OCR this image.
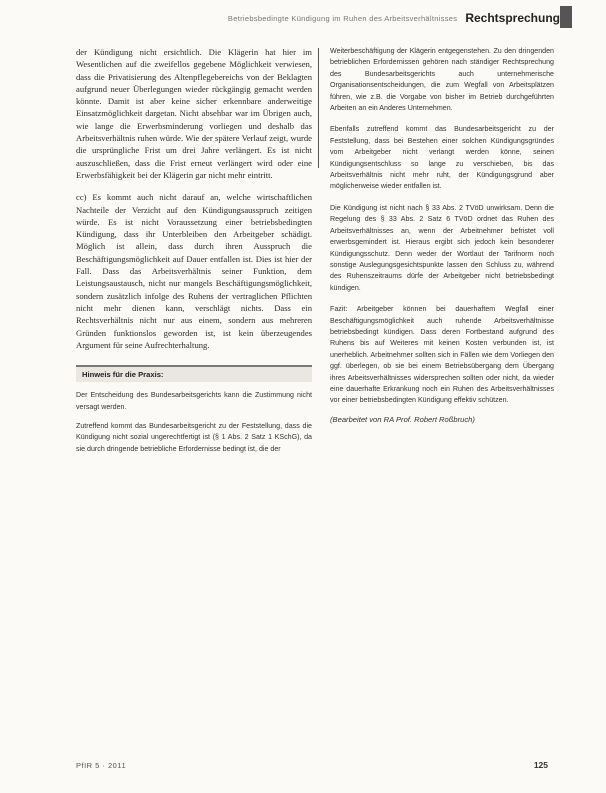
Betriebsbedingte Kündigung im Ruhen des Arbeitsverhältnisses Rechtsprechung

der Kündigung nicht ersichtlich. Die Klägerin hat hier im Wesentlichen auf die zweifellos gegebene Möglichkeit verwiesen, dass die Privatisierung des Altenpflegebereichs von der Beklagten aufgrund neuer Überlegungen wieder rückgängig gemacht werden könnte. Damit ist aber keine sicher erkennbare anderweitige Einsatzmöglichkeit dargetan. Nicht absehbar war im Übrigen auch, wie lange die Erwerbsminderung vorliegen und deshalb das Arbeitsverhältnis ruhen würde. Wie der spätere Verlauf zeigt, wurde die ursprüngliche Frist um drei Jahre verlängert. Es ist nicht auszuschließen, dass die Frist erneut verlängert wird oder eine Erwerbsfähigkeit bei der Klägerin gar nicht mehr eintritt.

cc) Es kommt auch nicht darauf an, welche wirtschaftlichen Nachteile der Verzicht auf den Kündigungsausspruch zeitigen würde. Es ist nicht Voraussetzung einer betriebsbedingten Kündigung, dass ihr Unterbleiben den Arbeitgeber schädigt. Möglich ist allein, dass durch ihren Ausspruch die Beschäftigungsmöglichkeit auf Dauer entfallen ist. Dies ist hier der Fall. Dass das Arbeitsverhältnis seiner Funktion, dem Leistungsaustausch, nicht nur mangels Beschäftigungsmöglichkeit, sondern zusätzlich infolge des Ruhens der vertraglichen Pflichten nicht mehr dienen kann, verschlägt nichts. Dass ein Rechtsverhältnis nicht nur aus einem, sondern aus mehreren Gründen funktionslos geworden ist, ist kein überzeugendes Argument für seine Aufrechterhaltung.

Hinweis für die Praxis:

Der Entscheidung des Bundesarbeitsgerichts kann die Zustimmung nicht versagt werden.

Zutreffend kommt das Bundesarbeitsgericht zu der Feststellung, dass die Kündigung nicht sozial ungerechtfertigt ist (§ 1 Abs. 2 Satz 1 KSchG), da sie durch dringende betriebliche Erfordernisse bedingt ist, die der

Weiterbeschäftigung der Klägerin entgegenstehen. Zu den dringenden betrieblichen Erfordernissen gehören nach ständiger Rechtsprechung des Bundesarbeitsgerichts auch unternehmerische Organisationsentscheidungen, die zum Wegfall von Arbeitsplätzen führen, wie z.B. die Vorgabe von bisher im Betrieb durchgeführten Arbeiten an ein Anderes Unternehmen.

Ebenfalls zutreffend kommt das Bundesarbeitsgericht zu der Feststellung, dass bei Bestehen einer solchen Kündigungsgründes vom Arbeitgeber nicht verlangt werden könne, seinen Kündigungsentschluss so lange zu verschieben, bis das Arbeitsverhältnis nicht mehr ruht, der Kündigungsgrund aber möglicherweise wieder entfallen ist.

Die Kündigung ist nicht nach § 33 Abs. 2 TVöD unwirksam. Denn die Regelung des § 33 Abs. 2 Satz 6 TVöD ordnet das Ruhen des Arbeitsverhältnisses an, wenn der Arbeitnehmer befristet voll erwerbsgemindert ist. Hieraus ergibt sich jedoch kein besonderer Kündigungsschutz. Denn weder der Wortlaut der Tarifnorm noch sonstige Auslegungsgesichtspunkte lassen den Schluss zu, während des Ruhenszeitraums dürfe der Arbeitgeber nicht betriebsbedingt kündigen.

Fazit: Arbeitgeber können bei dauerhaftem Wegfall einer Beschäftigungsmöglichkeit auch ruhende Arbeitsverhältnisse betriebsbedingt kündigen. Dass deren Fortbestand aufgrund des Ruhens bis auf Weiteres mit keinen Kosten verbunden ist, ist unerheblich. Arbeitnehmer sollten sich in Fällen wie dem Vorliegen den ggf. überlegen, ob sie bei einem Betriebsübergang dem Übergang ihres Arbeitsverhältnisses widersprechen sollten oder nicht, da wieder eine dauerhafte Erkrankung noch ein Ruhen des Arbeitsverhältnisses vor einer betriebsbedingten Kündigung effektiv schützen.

(Bearbeitet von RA Prof. Robert Roßbruch)

PfIR 5 · 2011	125
